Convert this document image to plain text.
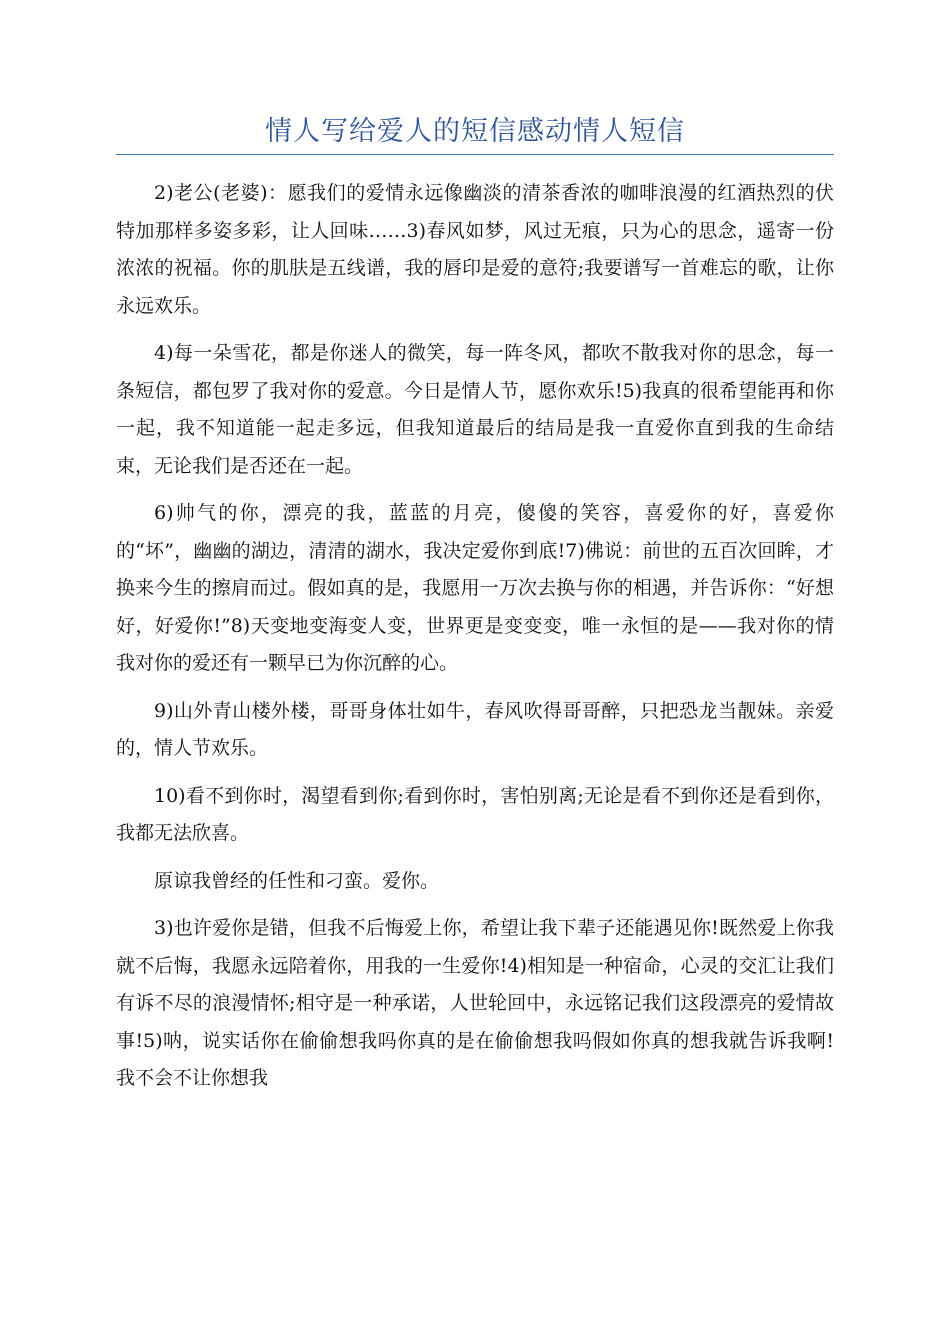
情人写给爱人的短信感动情人短信

2)老公(老婆)：愿我们的爱情永远像幽淡的清茶香浓的咖啡浪漫的红酒热烈的伏特加那样多姿多彩，让人回味……3)春风如梦，风过无痕，只为心的思念，遥寄一份浓浓的祝福。你的肌肤是五线谱，我的唇印是爱的意符;我要谱写一首难忘的歌，让你永远欢乐。

4)每一朵雪花，都是你迷人的微笑，每一阵冬风，都吹不散我对你的思念，每一条短信，都包罗了我对你的爱意。今日是情人节，愿你欢乐!5)我真的很希望能再和你一起，我不知道能一起走多远，但我知道最后的结局是我一直爱你直到我的生命结束，无论我们是否还在一起。

6)帅气的你，漂亮的我，蓝蓝的月亮，傻傻的笑容，喜爱你的好，喜爱你的“坏”，幽幽的湖边，清清的湖水，我决定爱你到底!7)佛说：前世的五百次回眸，才换来今生的擦肩而过。假如真的是，我愿用一万次去换与你的相遇，并告诉你：“好想好，好爱你!”8)天变地变海变人变，世界更是变变变，唯一永恒的是——我对你的情我对你的爱还有一颗早已为你沉醉的心。

9)山外青山楼外楼，哥哥身体壮如牛，春风吹得哥哥醉，只把恐龙当靓妹。亲爱的，情人节欢乐。

10)看不到你时，渴望看到你;看到你时，害怕别离;无论是看不到你还是看到你，我都无法欣喜。

原谅我曾经的任性和刁蛮。爱你。

3)也许爱你是错，但我不后悔爱上你，希望让我下辈子还能遇见你!既然爱上你我就不后悔，我愿永远陪着你，用我的一生爱你!4)相知是一种宿命，心灵的交汇让我们有诉不尽的浪漫情怀;相守是一种承诺，人世轮回中，永远铭记我们这段漂亮的爱情故事!5)呐，说实话你在偷偷想我吗你真的是在偷偷想我吗假如你真的想我就告诉我啊!我不会不让你想我
